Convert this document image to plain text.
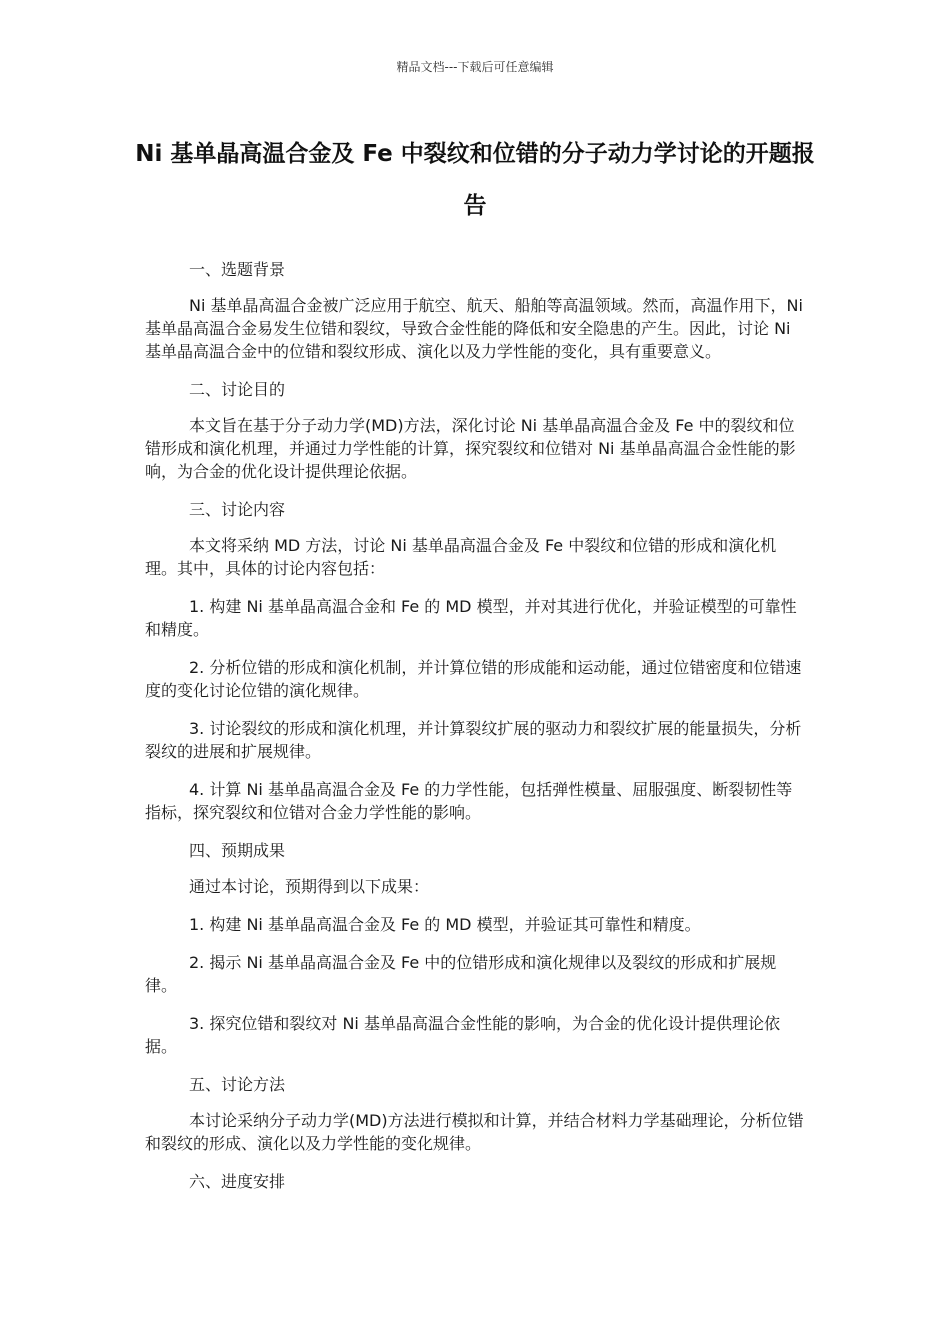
精品文档---下载后可任意编辑
Ni 基单晶高温合金及 Fe 中裂纹和位错的分子动力学讨论的开题报告

一、选题背景

Ni 基单晶高温合金被广泛应用于航空、航天、船舶等高温领域。然而，高温作用下，Ni 基单晶高温合金易发生位错和裂纹，导致合金性能的降低和安全隐患的产生。因此，讨论 Ni 基单晶高温合金中的位错和裂纹形成、演化以及力学性能的变化，具有重要意义。

二、讨论目的

本文旨在基于分子动力学(MD)方法，深化讨论 Ni 基单晶高温合金及 Fe 中的裂纹和位错形成和演化机理，并通过力学性能的计算，探究裂纹和位错对 Ni 基单晶高温合金性能的影响，为合金的优化设计提供理论依据。

三、讨论内容

本文将采纳 MD 方法，讨论 Ni 基单晶高温合金及 Fe 中裂纹和位错的形成和演化机理。其中，具体的讨论内容包括：

1. 构建 Ni 基单晶高温合金和 Fe 的 MD 模型，并对其进行优化，并验证模型的可靠性和精度。

2. 分析位错的形成和演化机制，并计算位错的形成能和运动能，通过位错密度和位错速度的变化讨论位错的演化规律。

3. 讨论裂纹的形成和演化机理，并计算裂纹扩展的驱动力和裂纹扩展的能量损失，分析裂纹的进展和扩展规律。

4. 计算 Ni 基单晶高温合金及 Fe 的力学性能，包括弹性模量、屈服强度、断裂韧性等指标，探究裂纹和位错对合金力学性能的影响。

四、预期成果

通过本讨论，预期得到以下成果：

1. 构建 Ni 基单晶高温合金及 Fe 的 MD 模型，并验证其可靠性和精度。

2. 揭示 Ni 基单晶高温合金及 Fe 中的位错形成和演化规律以及裂纹的形成和扩展规律。

3. 探究位错和裂纹对 Ni 基单晶高温合金性能的影响，为合金的优化设计提供理论依据。

五、讨论方法

本讨论采纳分子动力学(MD)方法进行模拟和计算，并结合材料力学基础理论，分析位错和裂纹的形成、演化以及力学性能的变化规律。

六、进度安排
